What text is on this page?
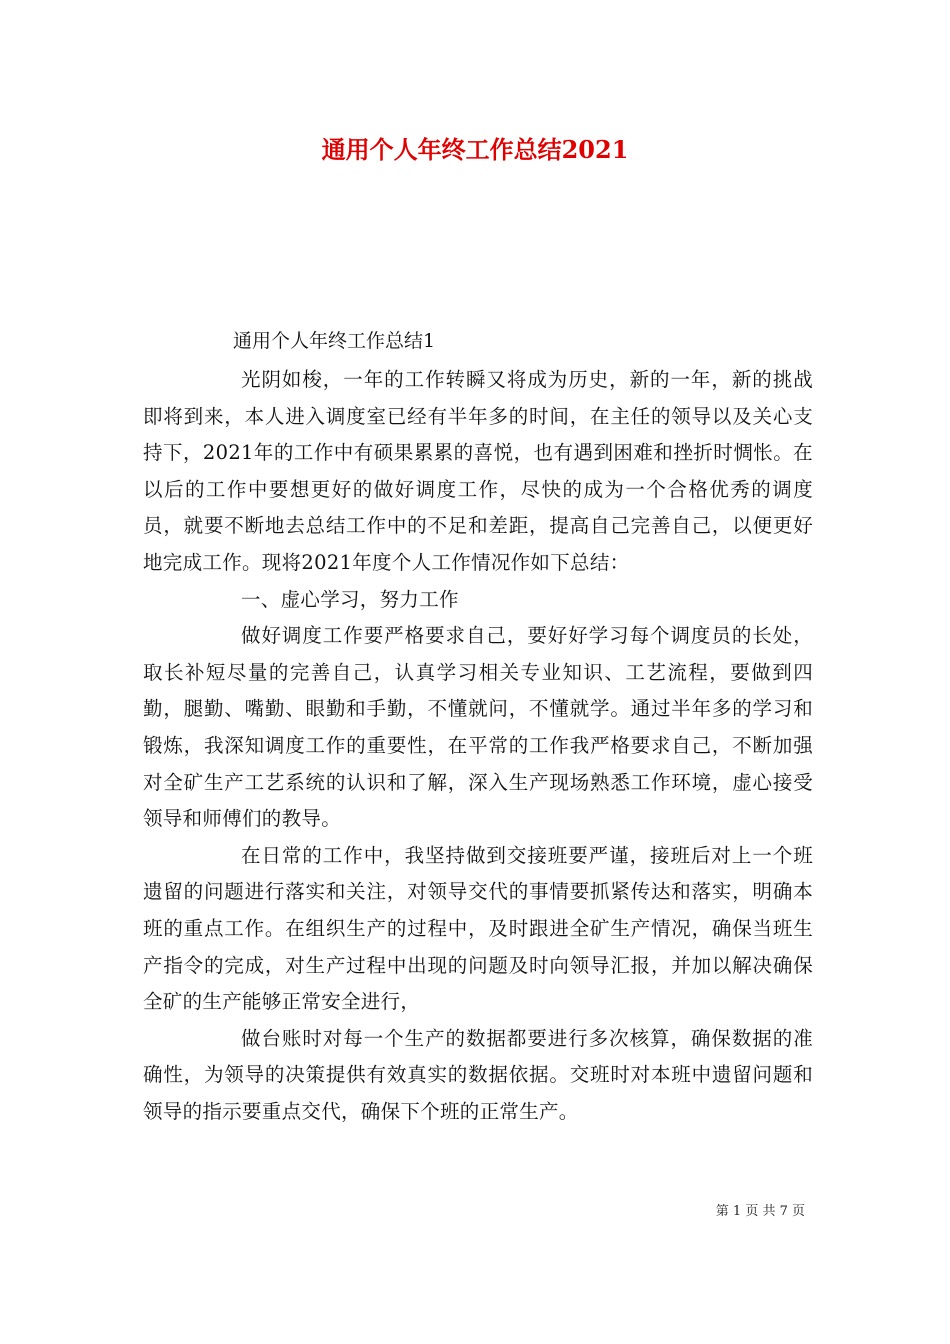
通用个人年终工作总结2021

通用个人年终工作总结1

光阴如梭，一年的工作转瞬又将成为历史，新的一年，新的挑战即将到来，本人进入调度室已经有半年多的时间，在主任的领导以及关心支持下，2021年的工作中有硕果累累的喜悦，也有遇到困难和挫折时惆怅。在以后的工作中要想更好的做好调度工作，尽快的成为一个合格优秀的调度员，就要不断地去总结工作中的不足和差距，提高自己完善自己，以便更好地完成工作。现将2021年度个人工作情况作如下总结：

一、虚心学习，努力工作

做好调度工作要严格要求自己，要好好学习每个调度员的长处，取长补短尽量的完善自己，认真学习相关专业知识、工艺流程，要做到四勤，腿勤、嘴勤、眼勤和手勤，不懂就问，不懂就学。通过半年多的学习和锻炼，我深知调度工作的重要性，在平常的工作我严格要求自己，不断加强对全矿生产工艺系统的认识和了解，深入生产现场熟悉工作环境，虚心接受领导和师傅们的教导。

在日常的工作中，我坚持做到交接班要严谨，接班后对上一个班遗留的问题进行落实和关注，对领导交代的事情要抓紧传达和落实，明确本班的重点工作。在组织生产的过程中，及时跟进全矿生产情况，确保当班生产指令的完成，对生产过程中出现的问题及时向领导汇报，并加以解决确保全矿的生产能够正常安全进行，

做台账时对每一个生产的数据都要进行多次核算，确保数据的准确性，为领导的决策提供有效真实的数据依据。交班时对本班中遗留问题和领导的指示要重点交代，确保下个班的正常生产。

第 1 页 共 7 页
